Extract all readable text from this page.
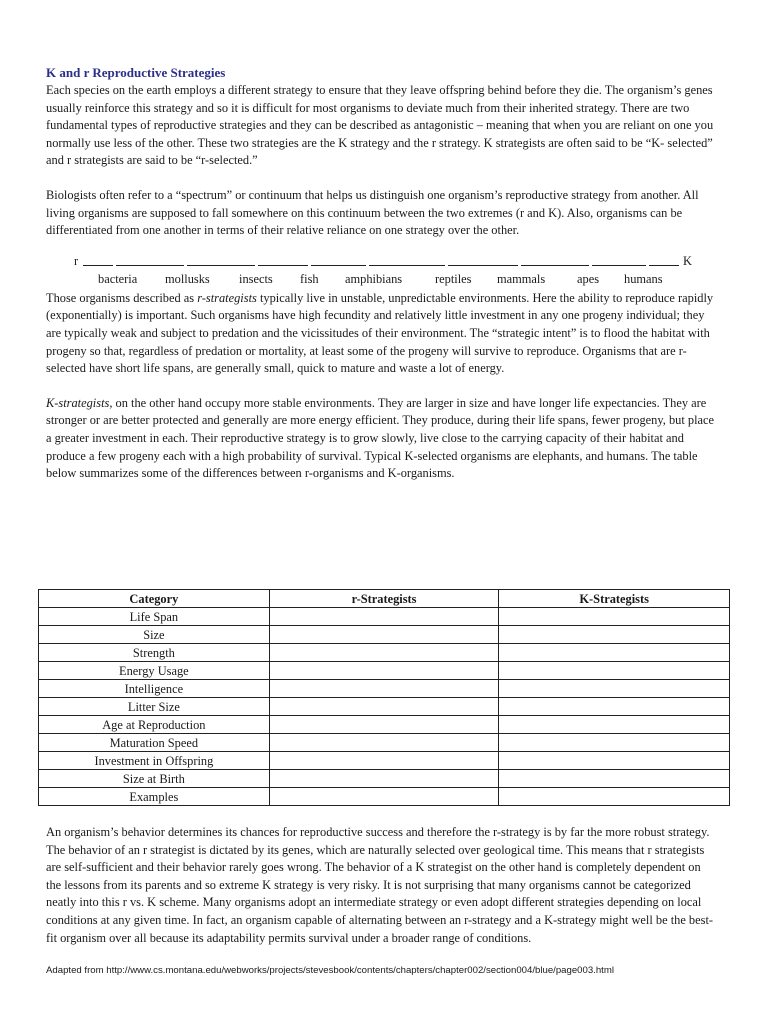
K and r Reproductive Strategies

Each species on the earth employs a different strategy to ensure that they leave offspring behind before they die. The organism’s genes usually reinforce this strategy and so it is difficult for most organisms to deviate much from their inherited strategy. There are two fundamental types of reproductive strategies and they can be described as antagonistic – meaning that when you are reliant on one you normally use less of the other. These two strategies are the K strategy and the r strategy. K strategists are often said to be “K- selected” and r strategists are said to be “r-selected.”

Biologists often refer to a “spectrum” or continuum that helps us distinguish one organism’s reproductive strategy from another. All living organisms are supposed to fall somewhere on this continuum between the two extremes (r and K). Also, organisms can be differentiated from one another in terms of their relative reliance on one strategy over the other.

r	K
bacteria mollusks insects fish amphibians	reptiles mammals	apes humans

Those organisms described as r-strategists typically live in unstable, unpredictable environments. Here the ability to reproduce rapidly (exponentially) is important. Such organisms have high fecundity and relatively little investment in any one progeny individual; they are typically weak and subject to predation and the vicissitudes of their environment. The “strategic intent” is to flood the habitat with progeny so that, regardless of predation or mortality, at least some of the progeny will survive to reproduce. Organisms that are r-selected have short life spans, are generally small, quick to mature and waste a lot of energy.

K-strategists, on the other hand occupy more stable environments. They are larger in size and have longer life expectancies. They are stronger or are better protected and generally are more energy efficient. They produce, during their life spans, fewer progeny, but place a greater investment in each. Their reproductive strategy is to grow slowly, live close to the carrying capacity of their habitat and produce a few progeny each with a high probability of survival. Typical K-selected organisms are elephants, and humans. The table below summarizes some of the differences between r-organisms and K-organisms.

Category	r-Strategists	K-Strategists
Life Span		
Size		
Strength		
Energy Usage		
Intelligence		
Litter Size		
Age at Reproduction		
Maturation Speed		
Investment in Offspring		
Size at Birth		
Examples		

An organism’s behavior determines its chances for reproductive success and therefore the r-strategy is by far the more robust strategy. The behavior of an r strategist is dictated by its genes, which are naturally selected over geological time. This means that r strategists are self-sufficient and their behavior rarely goes wrong. The behavior of a K strategist on the other hand is completely dependent on the lessons from its parents and so extreme K strategy is very risky. It is not surprising that many organisms cannot be categorized neatly into this r vs. K scheme. Many organisms adopt an intermediate strategy or even adopt different strategies depending on local conditions at any given time. In fact, an organism capable of alternating between an r-strategy and a K-strategy might well be the best-fit organism over all because its adaptability permits survival under a broader range of conditions.

Adapted from http://www.cs.montana.edu/webworks/projects/stevesbook/contents/chapters/chapter002/section004/blue/page003.html
